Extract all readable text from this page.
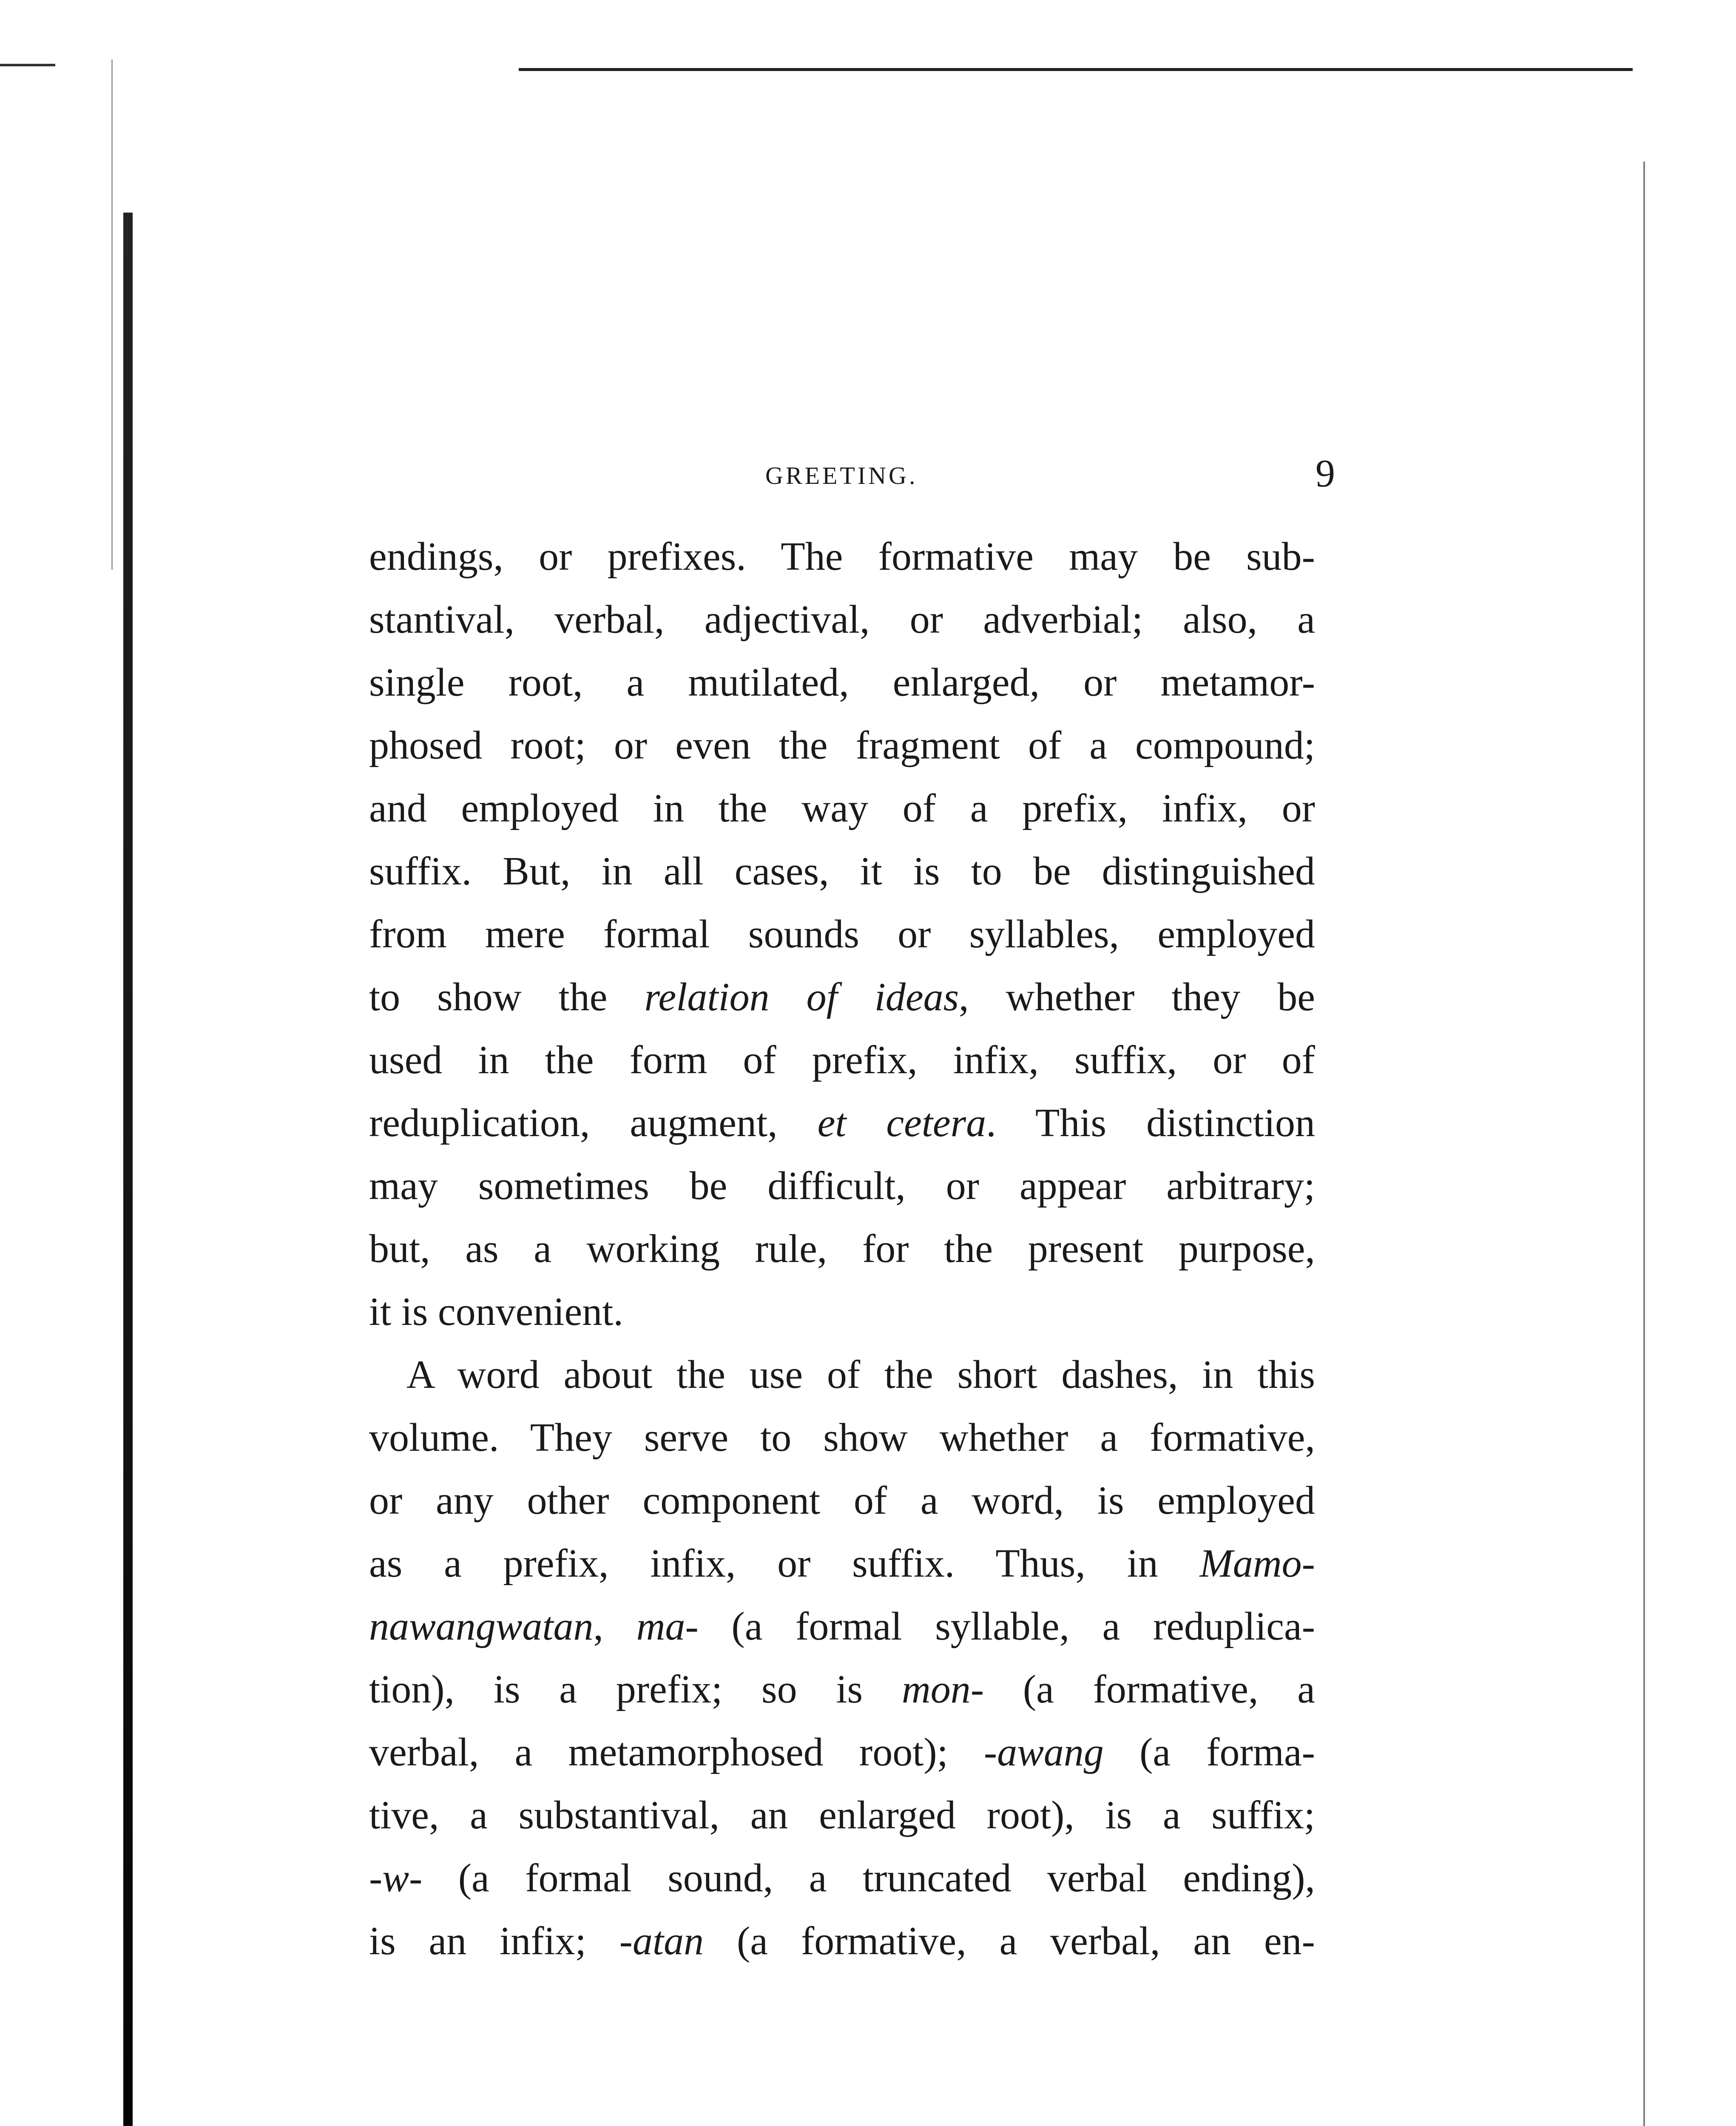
GREETING.	9

endings, or prefixes. The formative may be sub-
stantival, verbal, adjectival, or adverbial; also, a
single root, a mutilated, enlarged, or metamor-
phosed root; or even the fragment of a compound;
and employed in the way of a prefix, infix, or
suffix. But, in all cases, it is to be distinguished
from mere formal sounds or syllables, employed
to show the relation of ideas, whether they be
used in the form of prefix, infix, suffix, or of
reduplication, augment, et cetera. This distinction
may sometimes be difficult, or appear arbitrary;
but, as a working rule, for the present purpose,
it is convenient.

A word about the use of the short dashes, in this
volume. They serve to show whether a formative,
or any other component of a word, is employed
as a prefix, infix, or suffix. Thus, in Mamo-
nawangwatan, ma- (a formal syllable, a reduplica-
tion), is a prefix; so is mon- (a formative, a
verbal, a metamorphosed root); -awang (a forma-
tive, a substantival, an enlarged root), is a suffix;
-w- (a formal sound, a truncated verbal ending),
is an infix; -atan (a formative, a verbal, an en-
